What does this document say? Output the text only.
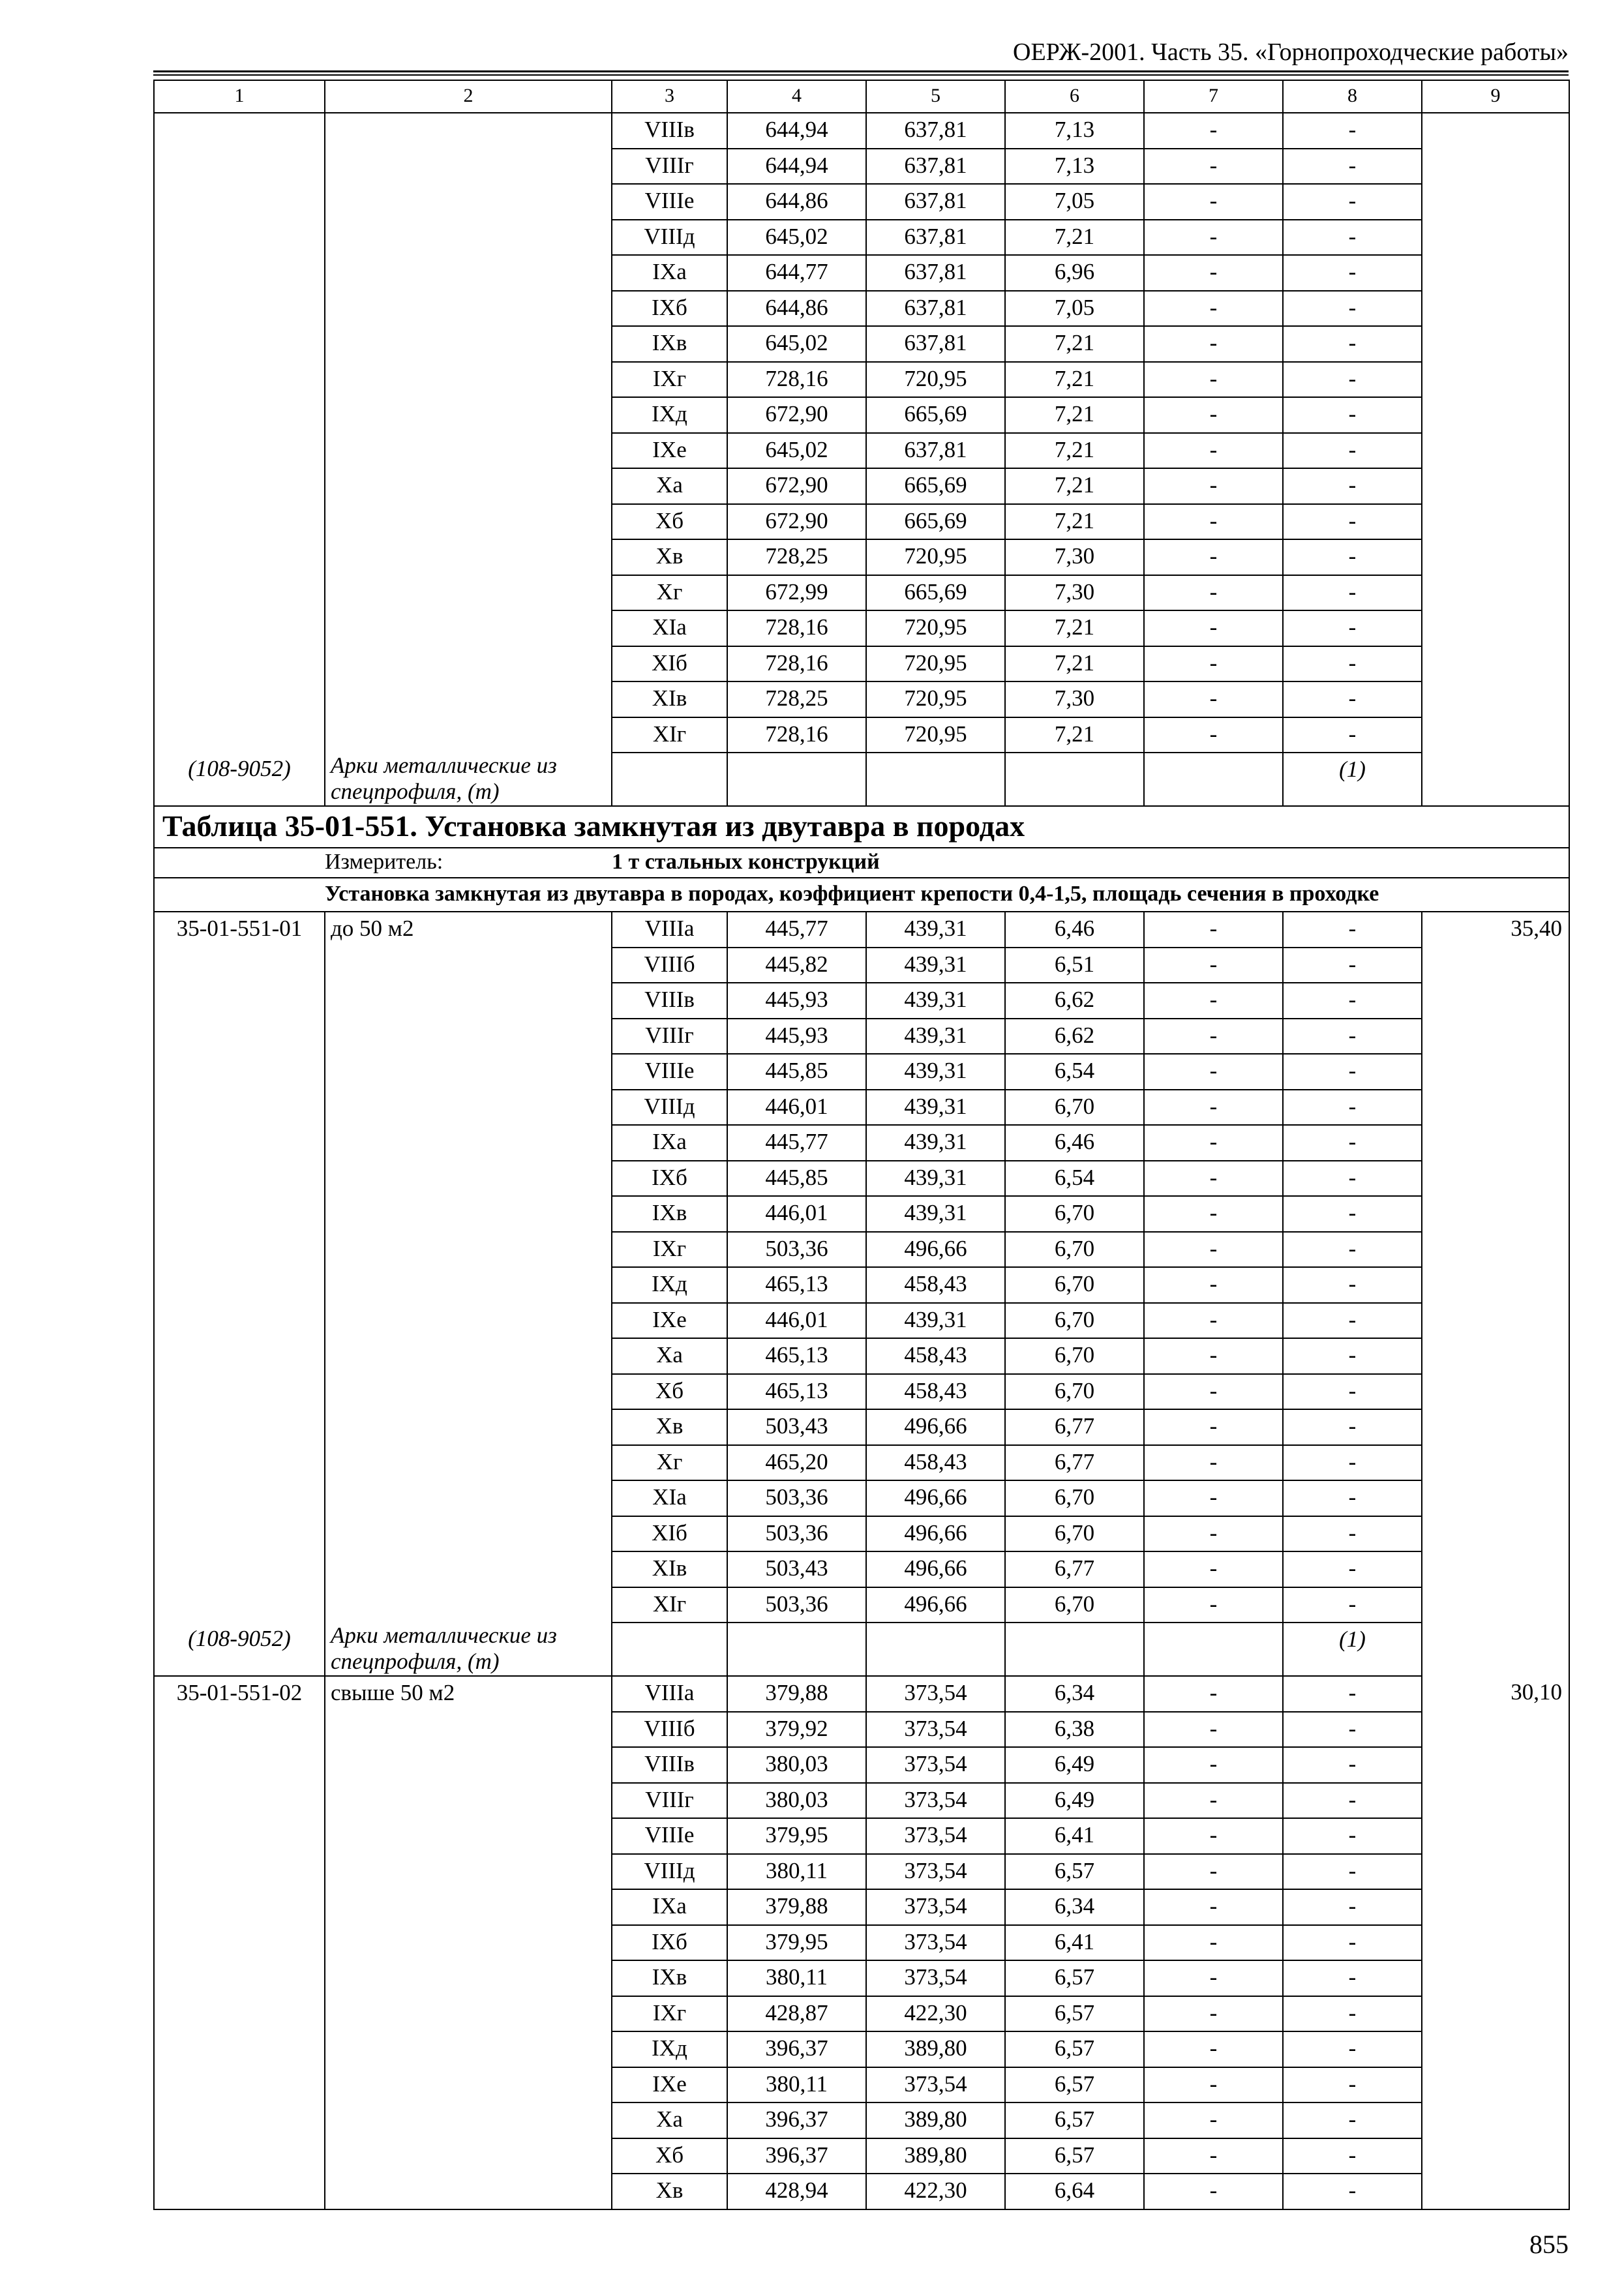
ОЕРЖ-2001. Часть 35. «Горнопроходческие работы»
1	2	3	4	5	6	7	8	9
		VIIIв	644,94	637,81	7,13	-	-	
		VIIIг	644,94	637,81	7,13	-	-	
		VIIIе	644,86	637,81	7,05	-	-	
		VIIIд	645,02	637,81	7,21	-	-	
		IXа	644,77	637,81	6,96	-	-	
		IXб	644,86	637,81	7,05	-	-	
		IXв	645,02	637,81	7,21	-	-	
		IXг	728,16	720,95	7,21	-	-	
		IXд	672,90	665,69	7,21	-	-	
		IXе	645,02	637,81	7,21	-	-	
		Xа	672,90	665,69	7,21	-	-	
		Xб	672,90	665,69	7,21	-	-	
		Xв	728,25	720,95	7,30	-	-	
		Xг	672,99	665,69	7,30	-	-	
		XIа	728,16	720,95	7,21	-	-	
		XIб	728,16	720,95	7,21	-	-	
		XIв	728,25	720,95	7,30	-	-	
		XIг	728,16	720,95	7,21	-	-	
(108-9052)	Арки металлические из спецпрофиля, (т)						(1)	
Таблица 35-01-551. Установка замкнутая из двутавра в породах								
	Измеритель:	1 т стальных конструкций						
	Установка замкнутая из двутавра в породах, коэффициент крепости 0,4-1,5, площадь сечения в проходке							
35-01-551-01	до 50 м2	VIIIа	445,77	439,31	6,46	-	-	35,40
		VIIIб	445,82	439,31	6,51	-	-	
		VIIIв	445,93	439,31	6,62	-	-	
		VIIIг	445,93	439,31	6,62	-	-	
		VIIIе	445,85	439,31	6,54	-	-	
		VIIIд	446,01	439,31	6,70	-	-	
		IXа	445,77	439,31	6,46	-	-	
		IXб	445,85	439,31	6,54	-	-	
		IXв	446,01	439,31	6,70	-	-	
		IXг	503,36	496,66	6,70	-	-	
		IXд	465,13	458,43	6,70	-	-	
		IXе	446,01	439,31	6,70	-	-	
		Xа	465,13	458,43	6,70	-	-	
		Xб	465,13	458,43	6,70	-	-	
		Xв	503,43	496,66	6,77	-	-	
		Xг	465,20	458,43	6,77	-	-	
		XIа	503,36	496,66	6,70	-	-	
		XIб	503,36	496,66	6,70	-	-	
		XIв	503,43	496,66	6,77	-	-	
		XIг	503,36	496,66	6,70	-	-	
(108-9052)	Арки металлические из спецпрофиля, (т)						(1)	
35-01-551-02	свыше 50 м2	VIIIа	379,88	373,54	6,34	-	-	30,10
		VIIIб	379,92	373,54	6,38	-	-	
		VIIIв	380,03	373,54	6,49	-	-	
		VIIIг	380,03	373,54	6,49	-	-	
		VIIIе	379,95	373,54	6,41	-	-	
		VIIIд	380,11	373,54	6,57	-	-	
		IXа	379,88	373,54	6,34	-	-	
		IXб	379,95	373,54	6,41	-	-	
		IXв	380,11	373,54	6,57	-	-	
		IXг	428,87	422,30	6,57	-	-	
		IXд	396,37	389,80	6,57	-	-	
		IXе	380,11	373,54	6,57	-	-	
		Xа	396,37	389,80	6,57	-	-	
		Xб	396,37	389,80	6,57	-	-	
		Xв	428,94	422,30	6,64	-	-	
855
